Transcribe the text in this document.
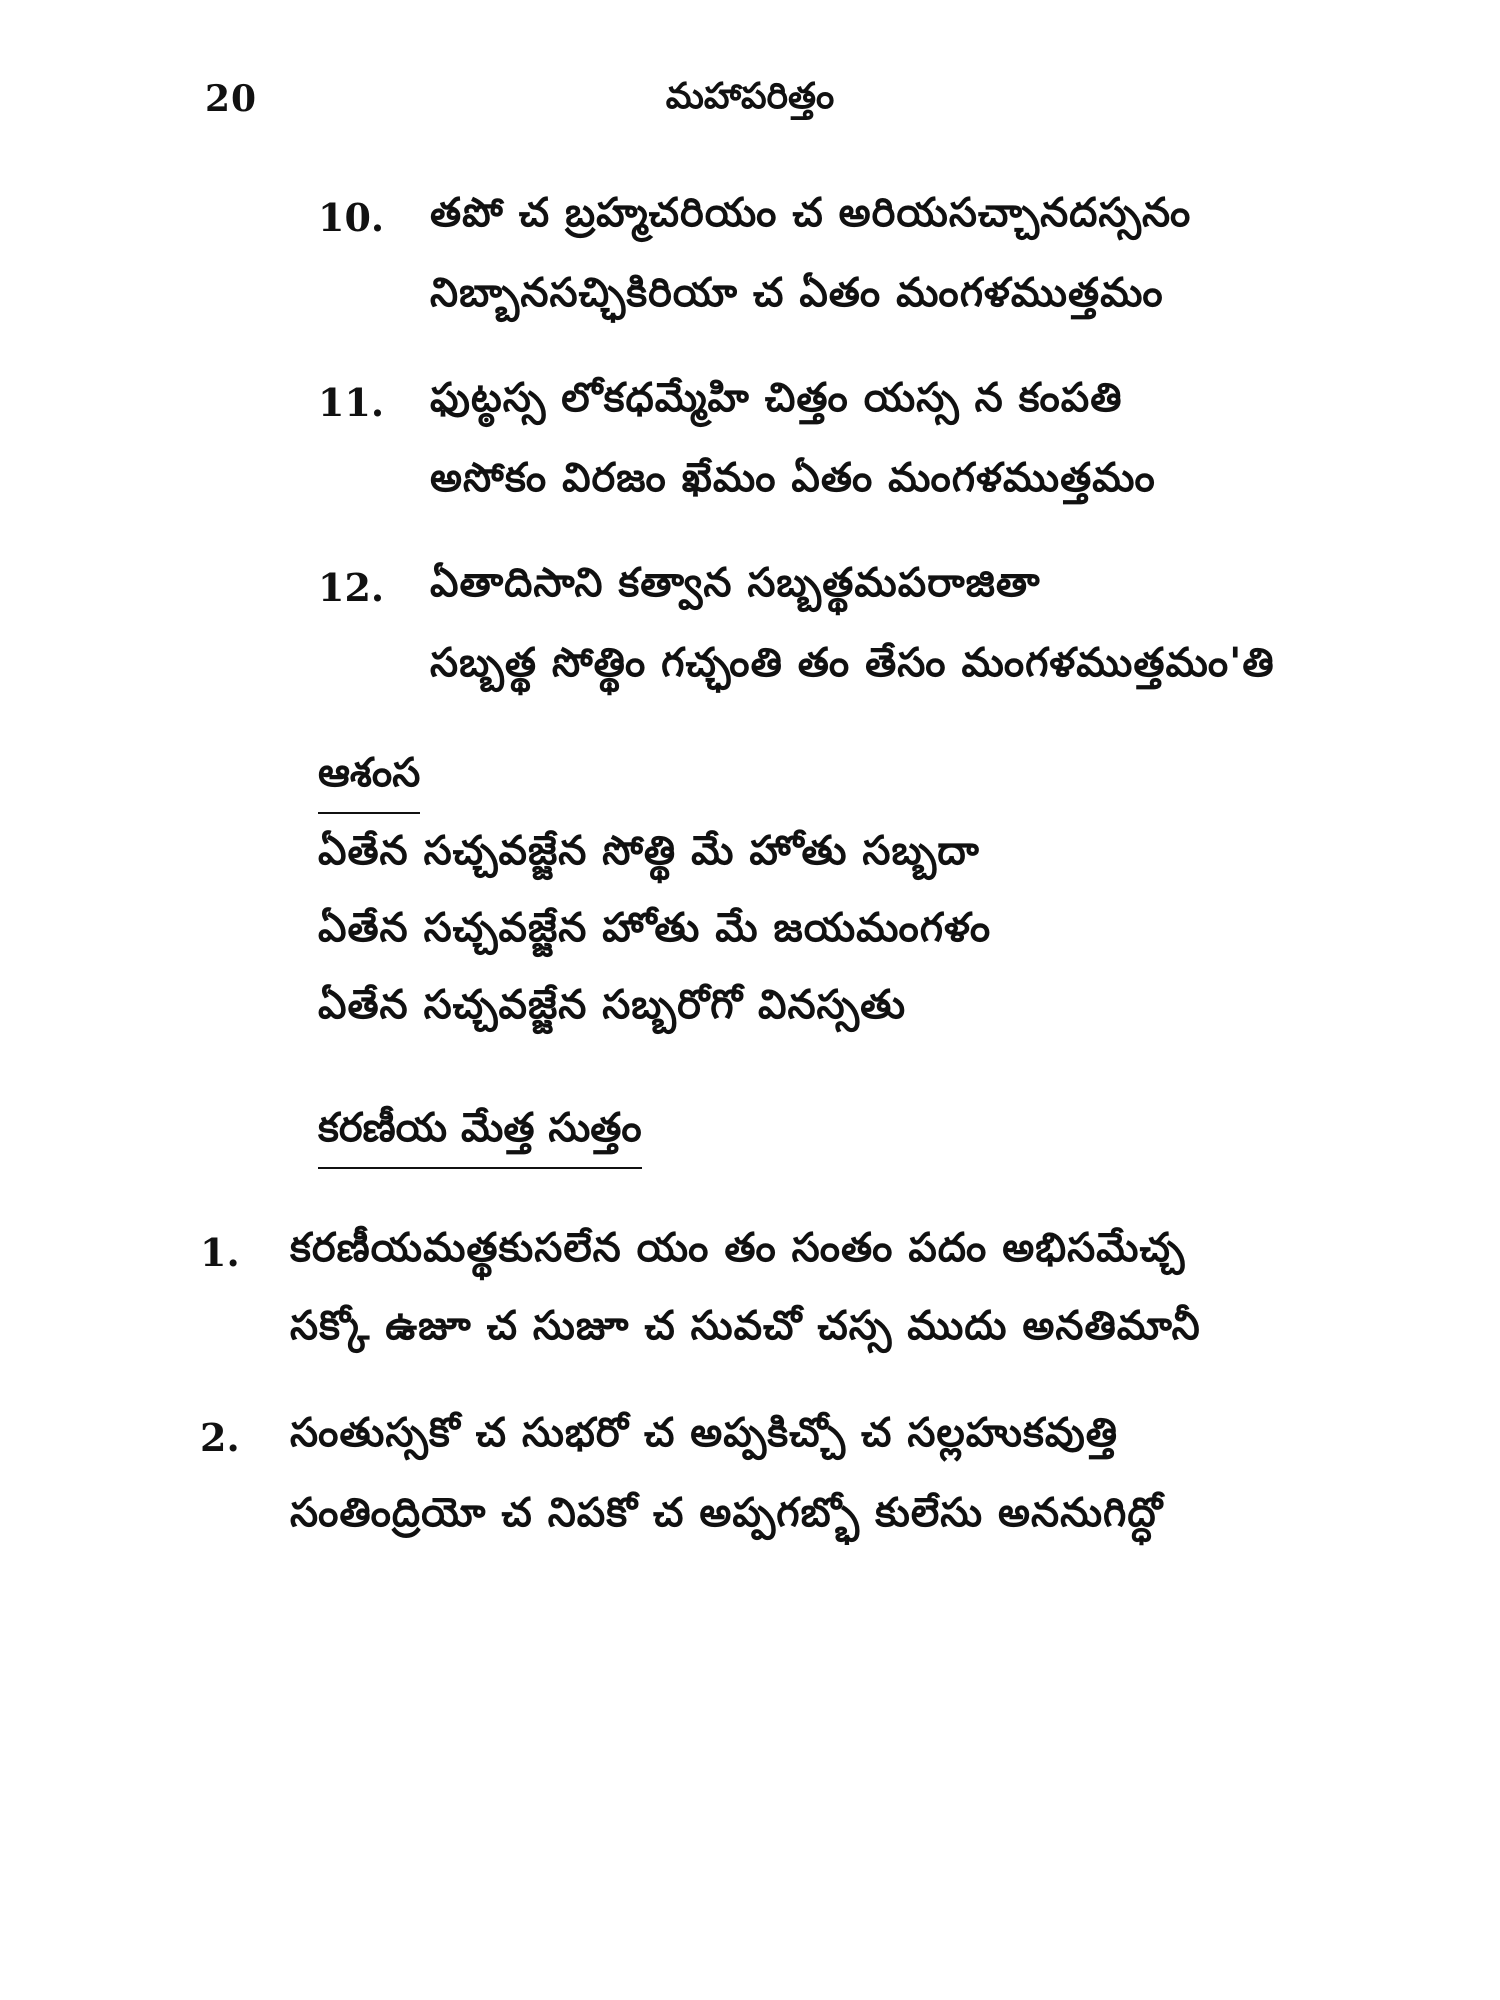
20	మహాపరిత్తం
10. తపో చ బ్రహ్మచరియం చ అరియసచ్చానదస్సనం
నిబ్బానసచ్ఛికిరియా చ ఏతం మంగళముత్తమం
11. ఫుట్ఠస్స లోకధమ్మేహి చిత్తం యస్స న కంపతి
అసోకం విరజం ఖేమం ఏతం మంగళముత్తమం
12. ఏతాదిసాని కత్వాన సబ్బత్థమపరాజితా
సబ్బత్థ సోత్థిం గచ్ఛంతి తం తేసం మంగళముత్తమం'తి
ఆశంస
ఏతేన సచ్చవజ్జేన సోత్థి మే హోతు సబ్బదా
ఏతేన సచ్చవజ్జేన హోతు మే జయమంగళం
ఏతేన సచ్చవజ్జేన సబ్బరోగో వినస్సతు
కరణీయ మేత్త సుత్తం
1. కరణీయమత్థకుసలేన యం తం సంతం పదం అభిసమేచ్చ
సక్కో ఉజూ చ సుజూ చ సువచో చస్స ముదు అనతిమానీ
2. సంతుస్సకో చ సుభరో చ అప్పకిచ్చో చ సల్లహుకవుత్తి
సంతింద్రియో చ నిపకో చ అప్పగబ్భో కులేసు అననుగిద్ధో
